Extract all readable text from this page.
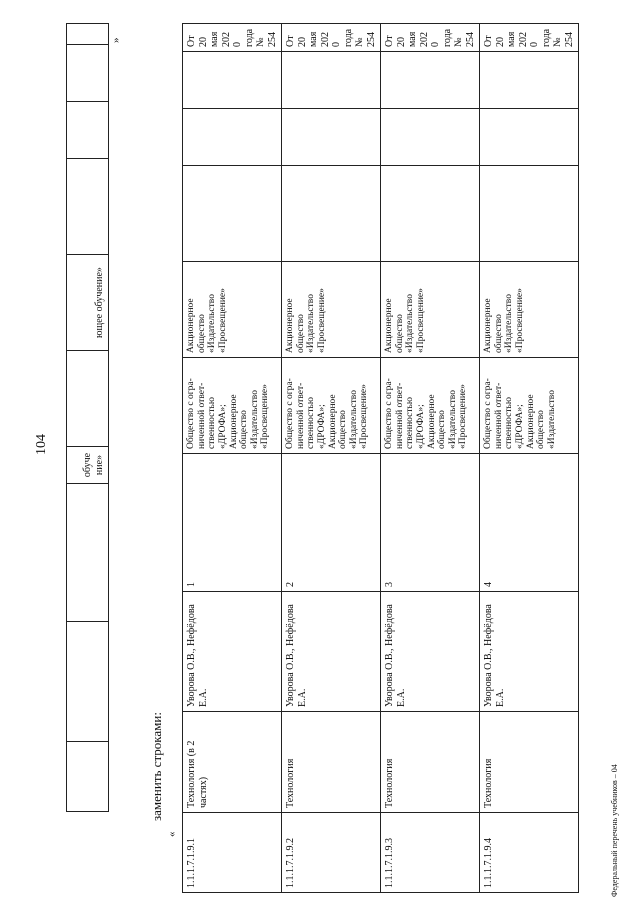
104
«
заменить строками:
»
			обучение»		ющее обучение»				
1.1.1.7.1.9.1	Технология (в 2 частях)	Уворова О.В., Нефёдова Е.А.	1	Общество с огра-ниченной ответ-ственностью «ДРОФА»; Акционерное общество «Издательство «Просвещение»	Акционерное общество «Издательство «Просвещение»				От 20 мая 2020 года № 254
1.1.1.7.1.9.2	Технология	Уворова О.В., Нефёдова Е.А.	2	Общество с огра-ниченной ответ-ственностью «ДРОФА»; Акционерное общество «Издательство «Просвещение»	Акционерное общество «Издательство «Просвещение»				От 20 мая 2020 года № 254
1.1.1.7.1.9.3	Технология	Уворова О.В., Нефёдова Е.А.	3	Общество с огра-ниченной ответ-ственностью «ДРОФА»; Акционерное общество «Издательство «Просвещение»	Акционерное общество «Издательство «Просвещение»				От 20 мая 2020 года № 254
1.1.1.7.1.9.4	Технология	Уворова О.В., Нефёдова Е.А.	4	Общество с огра-ниченной ответ-ственностью «ДРОФА»; Акционерное общество «Издательство	Акционерное общество «Издательство «Просвещение»				От 20 мая 2020 года № 254
Федеральный перечень учебников – 04
